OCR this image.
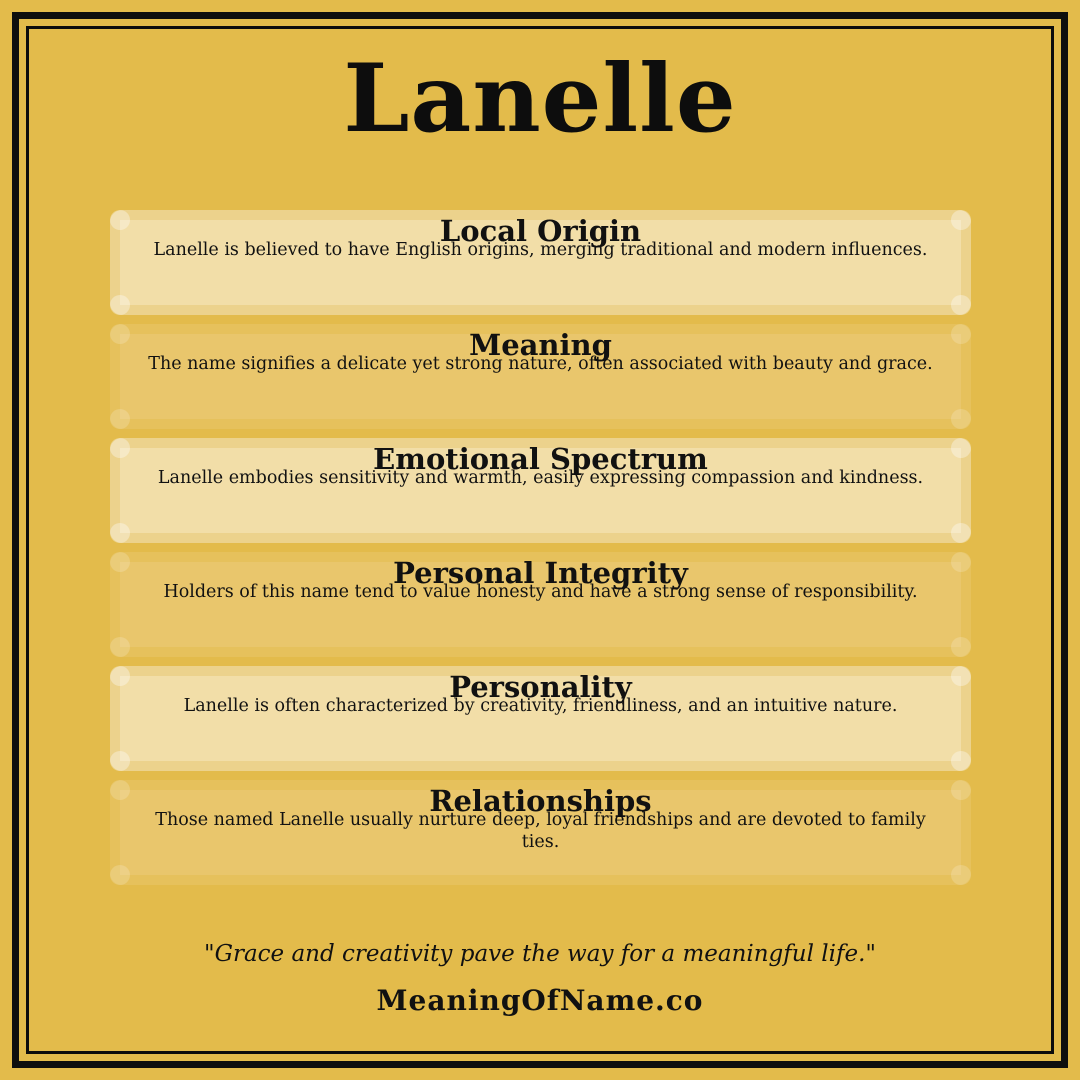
Lanelle
Local Origin
Lanelle is believed to have English origins, merging traditional and modern influences.
Meaning
The name signifies a delicate yet strong nature, often associated with beauty and grace.
Emotional Spectrum
Lanelle embodies sensitivity and warmth, easily expressing compassion and kindness.
Personal Integrity
Holders of this name tend to value honesty and have a strong sense of responsibility.
Personality
Lanelle is often characterized by creativity, friendliness, and an intuitive nature.
Relationships
Those named Lanelle usually nurture deep, loyal friendships and are devoted to family ties.
"Grace and creativity pave the way for a meaningful life."
MeaningOfName.co
